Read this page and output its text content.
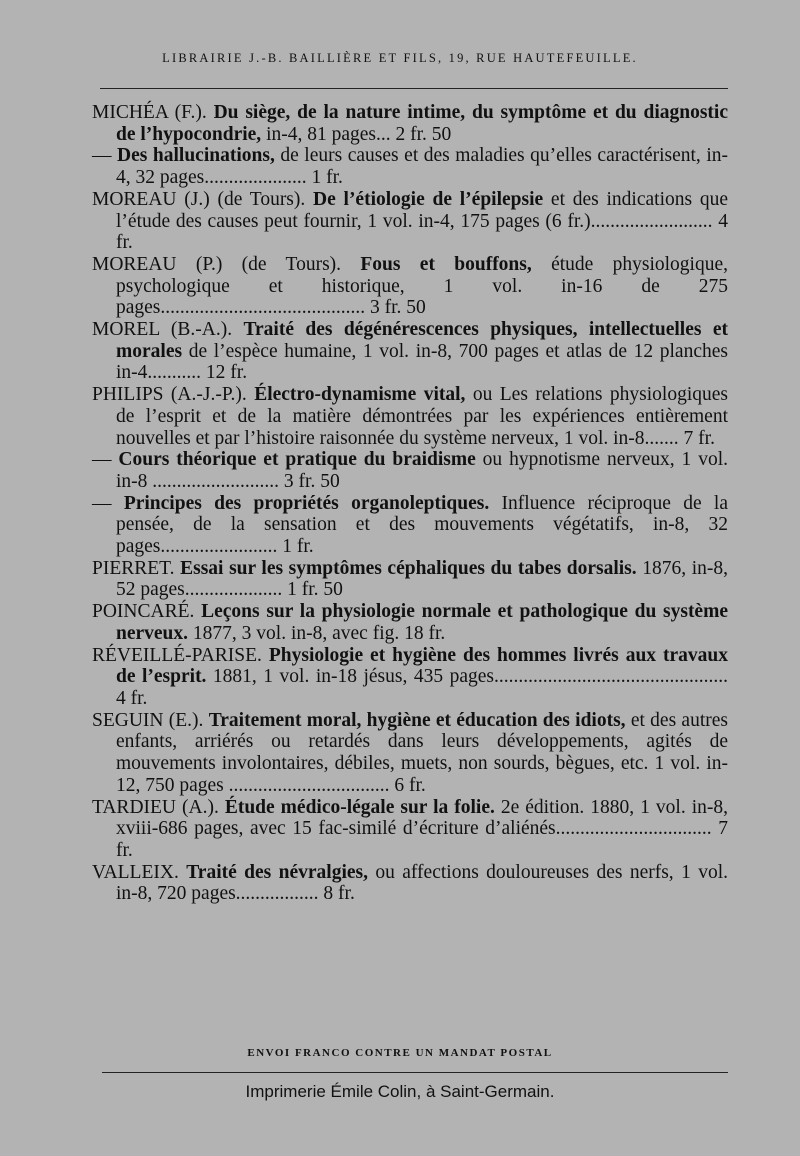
LIBRAIRIE J.-B. BAILLIÈRE ET FILS, 19, RUE HAUTEFEUILLE.

MICHÉA (F.). Du siège, de la nature intime, du symptôme et du diagnostic de l’hypocondrie, in-4, 81 pages... 2 fr. 50

— Des hallucinations, de leurs causes et des maladies qu’elles caractérisent, in-4, 32 pages..................... 1 fr.

MOREAU (J.) (de Tours). De l’étiologie de l’épilepsie et des indications que l’étude des causes peut fournir, 1 vol. in-4, 175 pages (6 fr.)......................... 4 fr.

MOREAU (P.) (de Tours). Fous et bouffons, étude physiologique, psychologique et historique, 1 vol. in-16 de 275 pages.......................................... 3 fr. 50

MOREL (B.-A.). Traité des dégénérescences physiques, intellectuelles et morales de l’espèce humaine, 1 vol. in-8, 700 pages et atlas de 12 planches in-4........... 12 fr.

PHILIPS (A.-J.-P.). Électro-dynamisme vital, ou Les relations physiologiques de l’esprit et de la matière démontrées par les expériences entièrement nouvelles et par l’histoire raisonnée du système nerveux, 1 vol. in-8....... 7 fr.

— Cours théorique et pratique du braidisme ou hypnotisme nerveux, 1 vol. in-8 .......................... 3 fr. 50

— Principes des propriétés organoleptiques. Influence réciproque de la pensée, de la sensation et des mouvements végétatifs, in-8, 32 pages........................ 1 fr.

PIERRET. Essai sur les symptômes céphaliques du tabes dorsalis. 1876, in-8, 52 pages.................... 1 fr. 50

POINCARÉ. Leçons sur la physiologie normale et pathologique du système nerveux. 1877, 3 vol. in-8, avec fig. 18 fr.

RÉVEILLÉ-PARISE. Physiologie et hygiène des hommes livrés aux travaux de l’esprit. 1881, 1 vol. in-18 jésus, 435 pages................................................ 4 fr.

SEGUIN (E.). Traitement moral, hygiène et éducation des idiots, et des autres enfants, arriérés ou retardés dans leurs développements, agités de mouvements involontaires, débiles, muets, non sourds, bègues, etc. 1 vol. in-12, 750 pages ................................. 6 fr.

TARDIEU (A.). Étude médico-légale sur la folie. 2e édition. 1880, 1 vol. in-8, xviii-686 pages, avec 15 fac-similé d’écriture d’aliénés................................ 7 fr.

VALLEIX. Traité des névralgies, ou affections douloureuses des nerfs, 1 vol. in-8, 720 pages................. 8 fr.

ENVOI FRANCO CONTRE UN MANDAT POSTAL
Imprimerie Émile Colin, à Saint-Germain.
